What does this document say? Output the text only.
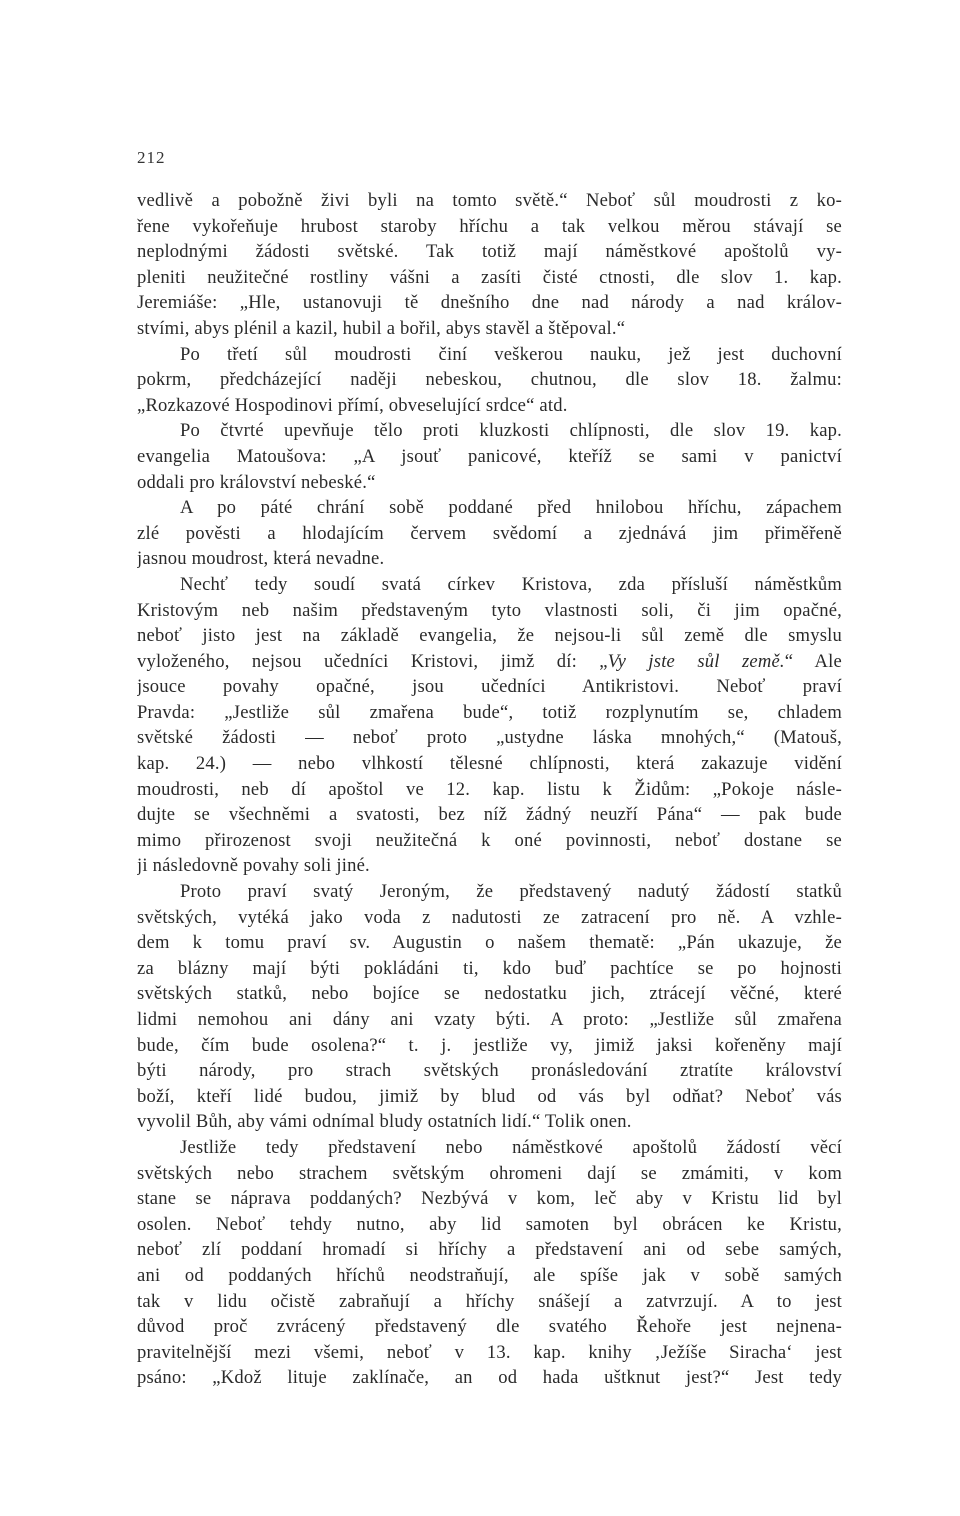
212
vedlivě a pobožně živi byli na tomto světě.“ Neboť sůl moudrosti z ko-
řene vykořeňuje hrubost staroby hříchu a tak velkou měrou stávají se
neplodnými žádosti světské. Tak totiž mají náměstkové apoštolů vy-
pleniti neužitečné rostliny vášni a zasíti čisté ctnosti, dle slov 1. kap.
Jeremiáše: „Hle, ustanovuji tě dnešního dne nad národy a nad králov-
stvími, abys plénil a kazil, hubil a bořil, abys stavěl a štěpoval.“
Po třetí sůl moudrosti činí veškerou nauku, jež jest duchovní
pokrm, předcházející naději nebeskou, chutnou, dle slov 18. žalmu:
„Rozkazové Hospodinovi přímí, obveselující srdce“ atd.
Po čtvrté upevňuje tělo proti kluzkosti chlípnosti, dle slov 19. kap.
evangelia Matoušova: „A jsouť panicové, kteříž se sami v panictví
oddali pro království nebeské.“
A po páté chrání sobě poddané před hnilobou hříchu, zápachem
zlé pověsti a hlodajícím červem svědomí a zjednává jim přiměřeně
jasnou moudrost, která nevadne.
Nechť tedy soudí svatá církev Kristova, zda přísluší náměstkům
Kristovým neb našim představeným tyto vlastnosti soli, či jim opačné,
neboť jisto jest na základě evangelia, že nejsou-li sůl země dle smyslu
vyloženého, nejsou učedníci Kristovi, jimž dí: „Vy jste sůl země.“ Ale
jsouce povahy opačné, jsou učedníci Antikristovi. Neboť praví
Pravda: „Jestliže sůl zmařena bude“, totiž rozplynutím se, chladem
světské žádosti — neboť proto „ustydne láska mnohých,“ (Matouš,
kap. 24.) — nebo vlhkostí tělesné chlípnosti, která zakazuje vidění
moudrosti, neb dí apoštol ve 12. kap. listu k Židům: „Pokoje násle-
dujte se všechněmi a svatosti, bez níž žádný neuzří Pána“ — pak bude
mimo přirozenost svoji neužitečná k oné povinnosti, neboť dostane se
ji následovně povahy soli jiné.
Proto praví svatý Jeroným, že představený nadutý žádostí statků
světských, vytéká jako voda z nadutosti ze zatracení pro ně. A vzhle-
dem k tomu praví sv. Augustin o našem thematě: „Pán ukazuje, že
za blázny mají býti pokládáni ti, kdo buď pachtíce se po hojnosti
světských statků, nebo bojíce se nedostatku jich, ztrácejí věčné, které
lidmi nemohou ani dány ani vzaty býti. A proto: „Jestliže sůl zmařena
bude, čím bude osolena?“ t. j. jestliže vy, jimiž jaksi kořeněny mají
býti národy, pro strach světských pronásledování ztratíte království
boží, kteří lidé budou, jimiž by blud od vás byl odňat? Neboť vás
vyvolil Bůh, aby vámi odnímal bludy ostatních lidí.“ Tolik onen.
Jestliže tedy představení nebo náměstkové apoštolů žádostí věcí
světských nebo strachem světským ohromeni dají se zmámiti, v kom
stane se náprava poddaných? Nezbývá v kom, leč aby v Kristu lid byl
osolen. Neboť tehdy nutno, aby lid samoten byl obrácen ke Kristu,
neboť zlí poddaní hromadí si hříchy a představení ani od sebe samých,
ani od poddaných hříchů neodstraňují, ale spíše jak v sobě samých
tak v lidu očistě zabraňují a hříchy snášejí a zatvrzují. A to jest
důvod proč zvrácený představený dle svatého Řehoře jest nejnena-
pravitelnější mezi všemi, neboť v 13. kap. knihy ‚Ježíše Siracha‘ jest
psáno: „Kdož lituje zaklínače, an od hada uštknut jest?“ Jest tedy
